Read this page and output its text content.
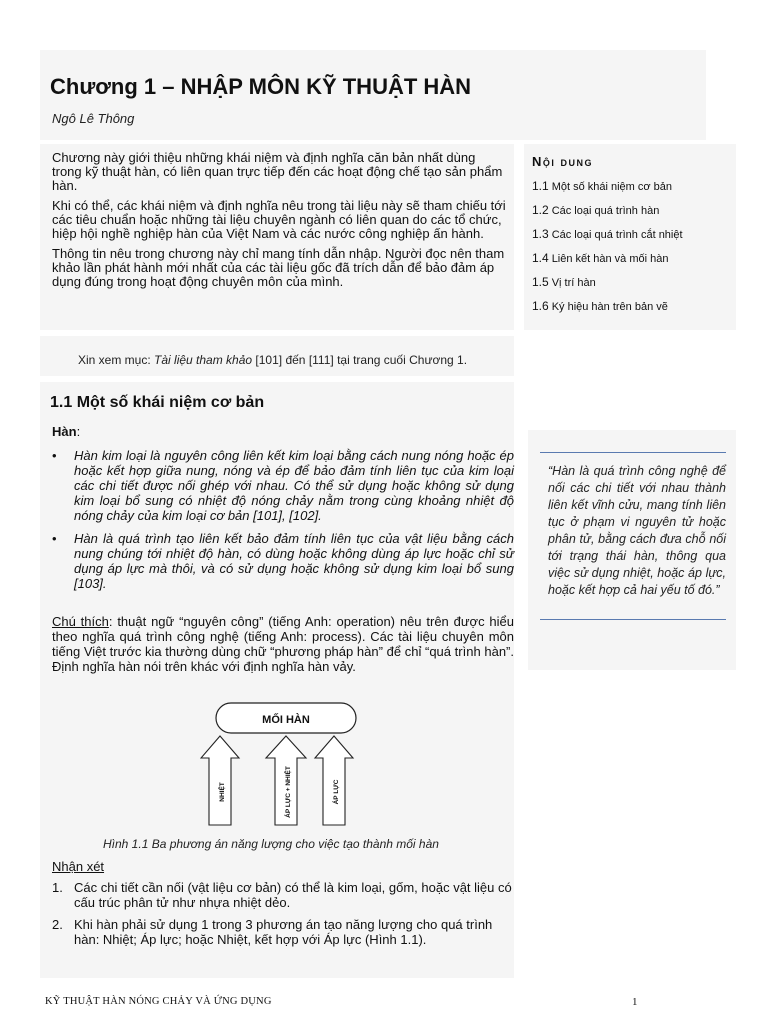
Chương 1 – NHẬP MÔN KỸ THUẬT HÀN
Ngô Lê Thông

Chương này giới thiệu những khái niệm và định nghĩa căn bản nhất dùng trong kỹ thuật hàn, có liên quan trực tiếp đến các hoạt động chế tạo sản phẩm hàn.

Khi có thể, các khái niệm và định nghĩa nêu trong tài liệu này sẽ tham chiếu tới các tiêu chuẩn hoặc những tài liệu chuyên ngành có liên quan do các tổ chức, hiệp hội nghề nghiệp hàn của Việt Nam và các nước công nghiệp ấn hành.

Thông tin nêu trong chương này chỉ mang tính dẫn nhập. Người đọc nên tham khảo lần phát hành mới nhất của các tài liệu gốc đã trích dẫn để bảo đảm áp dụng đúng trong hoạt động chuyên môn của mình.

Nội dung
1.1 Một số khái niệm cơ bản
1.2 Các loại quá trình hàn
1.3 Các loại quá trình cắt nhiệt
1.4 Liên kết hàn và mối hàn
1.5 Vị trí hàn
1.6 Ký hiệu hàn trên bản vẽ
Xin xem mục: Tài liệu tham khảo [101] đến [111] tại trang cuối Chương 1.
1.1 Một số khái niệm cơ bản
Hàn:
•	Hàn kim loại là nguyên công liên kết kim loại bằng cách nung nóng hoặc ép hoặc kết hợp giữa nung, nóng và ép để bảo đảm tính liên tục của kim loại các chi tiết được nối ghép với nhau. Có thể sử dụng hoặc không sử dụng kim loại bổ sung có nhiệt độ nóng chảy nằm trong cùng khoảng nhiệt độ nóng chảy của kim loại cơ bản [101], [102].
•	Hàn là quá trình tạo liên kết bảo đảm tính liên tục của vật liệu bằng cách nung chúng tới nhiệt độ hàn, có dùng hoặc không dùng áp lực hoặc chỉ sử dụng áp lực mà thôi, và có sử dụng hoặc không sử dụng kim loại bổ sung [103].
Chú thích: thuật ngữ “nguyên công” (tiếng Anh: operation) nêu trên được hiểu theo nghĩa quá trình công nghệ (tiếng Anh: process). Các tài liệu chuyên môn tiếng Việt trước kia thường dùng chữ “phương pháp hàn” để chỉ “quá trình hàn”. Định nghĩa hàn nói trên khác với định nghĩa hàn vảy.
“Hàn là quá trình công nghệ để nối các chi tiết với nhau thành liên kết vĩnh cửu, mang tính liên tục ở phạm vi nguyên tử hoặc phân tử, bằng cách đưa chỗ nối tới trạng thái hàn, thông qua việc sử dụng nhiệt, hoặc áp lực, hoặc kết hợp cả hai yếu tố đó.”
MỐI HÀN
NHIỆT	ÁP LỰC + NHIỆT	ÁP LỰC
Hình 1.1 Ba phương án năng lượng cho việc tạo thành mối hàn
Nhận xét
1. Các chi tiết cần nối (vật liệu cơ bản) có thể là kim loại, gốm, hoặc vật liệu có cấu trúc phân tử như nhựa nhiệt dẻo.
2. Khi hàn phải sử dụng 1 trong 3 phương án tạo năng lượng cho quá trình hàn: Nhiệt; Áp lực; hoặc Nhiệt, kết hợp với Áp lực (Hình 1.1).
KỸ THUẬT HÀN NÓNG CHẢY VÀ ỨNG DỤNG	1
